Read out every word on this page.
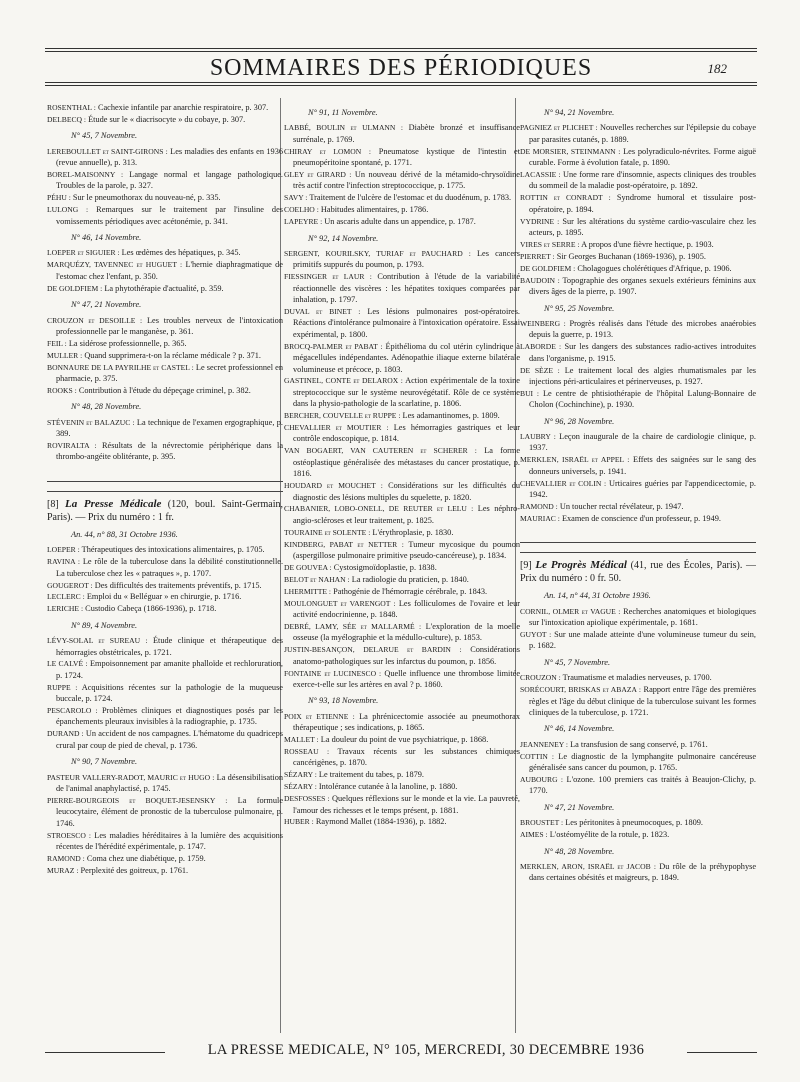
SOMMAIRES DES PÉRIODIQUES	182

ROSENTHAL : Cachexie infantile par anarchie respiratoire, p. 307.

DELBECQ : Étude sur le « diacrisocyte » du cobaye, p. 307.

N° 45, 7 Novembre.

LEREBOULLET et SAINT-GIRONS : Les maladies des enfants en 1936 (revue annuelle), p. 313.

BOREL-MAISONNY : Langage normal et langage pathologique. Troubles de la parole, p. 327.

PÉHU : Sur le pneumothorax du nouveau-né, p. 335.

LULONG : Remarques sur le traitement par l'insuline des vomissements périodiques avec acétonémie, p. 341.

N° 46, 14 Novembre.

LOEPER et SIGUIER : Les œdèmes des hépatiques, p. 345.

MARQUÉZY, TAVENNEC et HUGUET : L'hernie diaphragmatique de l'estomac chez l'enfant, p. 350.

DE GOLDFIEM : La phytothérapie d'actualité, p. 359.

N° 47, 21 Novembre.

CROUZON et DESOILLE : Les troubles nerveux de l'intoxication professionnelle par le manganèse, p. 361.

FEIL : La sidérose professionnelle, p. 365.

MULLER : Quand supprimera-t-on la réclame médicale ? p. 371.

BONNAURE DE LA PAYRILHE et CASTEL : Le secret professionnel en pharmacie, p. 375.

ROOKS : Contribution à l'étude du dépeçage criminel, p. 382.

N° 48, 28 Novembre.

STÉVENIN et BALAZUC : La technique de l'examen ergographique, p. 389.

ROVIRALTA : Résultats de la névrectomie périphérique dans la thrombo-angéite oblitérante, p. 395.

[8] La Presse Médicale (120, boul. Saint-Germain, Paris). — Prix du numéro : 1 fr.

An. 44, n° 88, 31 Octobre 1936.

LOEPER : Thérapeutiques des intoxications alimentaires, p. 1705.

RAVINA : Le rôle de la tuberculose dans la débilité constitutionnelle. La tuberculose chez les « patraques », p. 1707.

GOUGEROT : Des difficultés des traitements préventifs, p. 1715.

LECLERC : Emploi du « Belléguar » en chirurgie, p. 1716.

LERICHE : Custodio Cabeça (1866-1936), p. 1718.

N° 89, 4 Novembre.

LÉVY-SOLAL et SUREAU : Étude clinique et thérapeutique des hémorragies obstétricales, p. 1721.

LE CALVÉ : Empoisonnement par amanite phalloïde et rechloruration, p. 1724.

RUPPE : Acquisitions récentes sur la pathologie de la muqueuse buccale, p. 1724.

PESCAROLO : Problèmes cliniques et diagnostiques posés par les épanchements pleuraux invisibles à la radiographie, p. 1735.

DURAND : Un accident de nos campagnes. L'hématome du quadriceps crural par coup de pied de cheval, p. 1736.

N° 90, 7 Novembre.

PASTEUR VALLERY-RADOT, MAURIC et HUGO : La désensibilisation de l'animal anaphylactisé, p. 1745.

PIERRE-BOURGEOIS et BOQUET-JESENSKY : La formule leucocytaire, élément de pronostic de la tuberculose pulmonaire, p. 1746.

STROESCO : Les maladies héréditaires à la lumière des acquisitions récentes de l'hérédité expérimentale, p. 1747.

RAMOND : Coma chez une diabétique, p. 1759.

MURAZ : Perplexité des goitreux, p. 1761.

N° 91, 11 Novembre.

LABBÉ, BOULIN et ULMANN : Diabète bronzé et insuffisance surrénale, p. 1769.

CHIRAY et LOMON : Pneumatose kystique de l'intestin et pneumopéritoine spontané, p. 1771.

GLEY et GIRARD : Un nouveau dérivé de la métamido-chrysoïdine très actif contre l'infection streptococcique, p. 1775.

SAVY : Traitement de l'ulcère de l'estomac et du duodénum, p. 1783.

COELHO : Habitudes alimentaires, p. 1786.

LAPEYRE : Un ascaris adulte dans un appendice, p. 1787.

N° 92, 14 Novembre.

SERGENT, KOURILSKY, TURIAF et PAUCHARD : Les cancers primitifs suppurés du poumon, p. 1793.

FIESSINGER et LAUR : Contribution à l'étude de la variabilité réactionnelle des viscères : les hépatites toxiques comparées par inhalation, p. 1797.

DUVAL et BINET : Les lésions pulmonaires post-opératoires. Réactions d'intolérance pulmonaire à l'intoxication opératoire. Essai expérimental, p. 1800.

BROCQ-PALMER et PABAT : Épithélioma du col utérin cylindrique à mégacellules indépendantes. Adénopathie iliaque externe bilatérale volumineuse et précoce, p. 1803.

GASTINEL, CONTE et DELAROX : Action expérimentale de la toxine streptococcique sur le système neurovégétatif. Rôle de ce système dans la physio-pathologie de la scarlatine, p. 1806.

BERCHER, COUVELLE et RUPPE : Les adamantinomes, p. 1809.

CHEVALLIER et MOUTIER : Les hémorragies gastriques et leur contrôle endoscopique, p. 1814.

VAN BOGAERT, VAN CAUTEREN et SCHERER : La forme ostéoplastique généralisée des métastases du cancer prostatique, p. 1816.

HOUDARD et MOUCHET : Considérations sur les difficultés du diagnostic des lésions multiples du squelette, p. 1820.

CHABANIER, LOBO-ONELL, DE REUTER et LELU : Les néphro-angio-scléroses et leur traitement, p. 1825.

TOURAINE et SOLENTE : L'érythroplasie, p. 1830.

KINDBERG, PABAT et NETTER : Tumeur mycosique du poumon (aspergillose pulmonaire primitive pseudo-cancéreuse), p. 1834.

DE GOUVEA : Cystosigmoïdoplastie, p. 1838.

BELOT et NAHAN : La radiologie du praticien, p. 1840.

LHERMITTE : Pathogénie de l'hémorragie cérébrale, p. 1843.

MOULONGUET et VARENGOT : Les folliculomes de l'ovaire et leur activité endocrinienne, p. 1848.

DEBRÉ, LAMY, SÉE et MALLARMÉ : L'exploration de la moelle osseuse (la myélographie et la médullo-culture), p. 1853.

JUSTIN-BESANÇON, DELARUE et BARDIN : Considérations anatomo-pathologiques sur les infarctus du poumon, p. 1856.

FONTAINE et LUCINESCO : Quelle influence une thrombose limitée exerce-t-elle sur les artères en aval ? p. 1860.

N° 93, 18 Novembre.

POIX et ETIENNE : La phrénicectomie associée au pneumothorax thérapeutique ; ses indications, p. 1865.

MALLET : La douleur du point de vue psychiatrique, p. 1868.

ROSSEAU : Travaux récents sur les substances chimiques cancérigènes, p. 1870.

SÉZARY : Le traitement du tabes, p. 1879.

SÉZARY : Intolérance cutanée à la lanoline, p. 1880.

DESFOSSES : Quelques réflexions sur le monde et la vie. La pauvreté, l'amour des richesses et le temps présent, p. 1881.

HUBER : Raymond Mallet (1884-1936), p. 1882.

N° 94, 21 Novembre.

PAGNIEZ et PLICHET : Nouvelles recherches sur l'épilepsie du cobaye par parasites cutanés, p. 1889.

DE MORSIER, STEINMANN : Les polyradiculo-névrites. Forme aiguë curable. Forme à évolution fatale, p. 1890.

LACASSIE : Une forme rare d'insomnie, aspects cliniques des troubles du sommeil de la maladie post-opératoire, p. 1892.

ROTTIN et CONRADT : Syndrome humoral et tissulaire post-opératoire, p. 1894.

VYDRINE : Sur les altérations du système cardio-vasculaire chez les acteurs, p. 1895.

VIRES et SERRE : A propos d'une fièvre hectique, p. 1903.

PIERRET : Sir Georges Buchanan (1869-1936), p. 1905.

DE GOLDFIEM : Cholagogues cholérétiques d'Afrique, p. 1906.

BAUDOIN : Topographie des organes sexuels extérieurs féminins aux divers âges de la pierre, p. 1907.

N° 95, 25 Novembre.

WEINBERG : Progrès réalisés dans l'étude des microbes anaérobies depuis la guerre, p. 1913.

LABORDE : Sur les dangers des substances radio-actives introduites dans l'organisme, p. 1915.

DE SÈZE : Le traitement local des algies rhumatismales par les injections péri-articulaires et périnerveuses, p. 1927.

BUI : Le centre de phtisiothérapie de l'hôpital Lalung-Bonnaire de Cholon (Cochinchine), p. 1930.

N° 96, 28 Novembre.

LAUBRY : Leçon inaugurale de la chaire de cardiologie clinique, p. 1937.

MERKLEN, ISRAËL et APPEL : Effets des saignées sur le sang des donneurs universels, p. 1941.

CHEVALLIER et COLIN : Urticaires guéries par l'appendicectomie, p. 1942.

RAMOND : Un toucher rectal révélateur, p. 1947.

MAURIAC : Examen de conscience d'un professeur, p. 1949.

[9] Le Progrès Médical (41, rue des Écoles, Paris). — Prix du numéro : 0 fr. 50.

An. 14, n° 44, 31 Octobre 1936.

CORNIL, OLMER et VAGUE : Recherches anatomiques et biologiques sur l'intoxication apiolique expérimentale, p. 1681.

GUYOT : Sur une malade atteinte d'une volumineuse tumeur du sein, p. 1682.

N° 45, 7 Novembre.

CROUZON : Traumatisme et maladies nerveuses, p. 1700.

SORÉCOURT, BRISKAS et ABAZA : Rapport entre l'âge des premières règles et l'âge du début clinique de la tuberculose suivant les formes cliniques de la tuberculose, p. 1721.

N° 46, 14 Novembre.

JEANNENEY : La transfusion de sang conservé, p. 1761.

COTTIN : Le diagnostic de la lymphangite pulmonaire cancéreuse généralisée sans cancer du poumon, p. 1765.

AUBOURG : L'ozone. 100 premiers cas traités à Beaujon-Clichy, p. 1770.

N° 47, 21 Novembre.

BROUSTET : Les péritonites à pneumocoques, p. 1809.

AIMES : L'ostéomyélite de la rotule, p. 1823.

N° 48, 28 Novembre.

MERKLEN, ARON, ISRAËL et JACOB : Du rôle de la préhypophyse dans certaines obésités et maigreurs, p. 1849.

LA PRESSE MEDICALE, N° 105, MERCREDI, 30 DECEMBRE 1936
